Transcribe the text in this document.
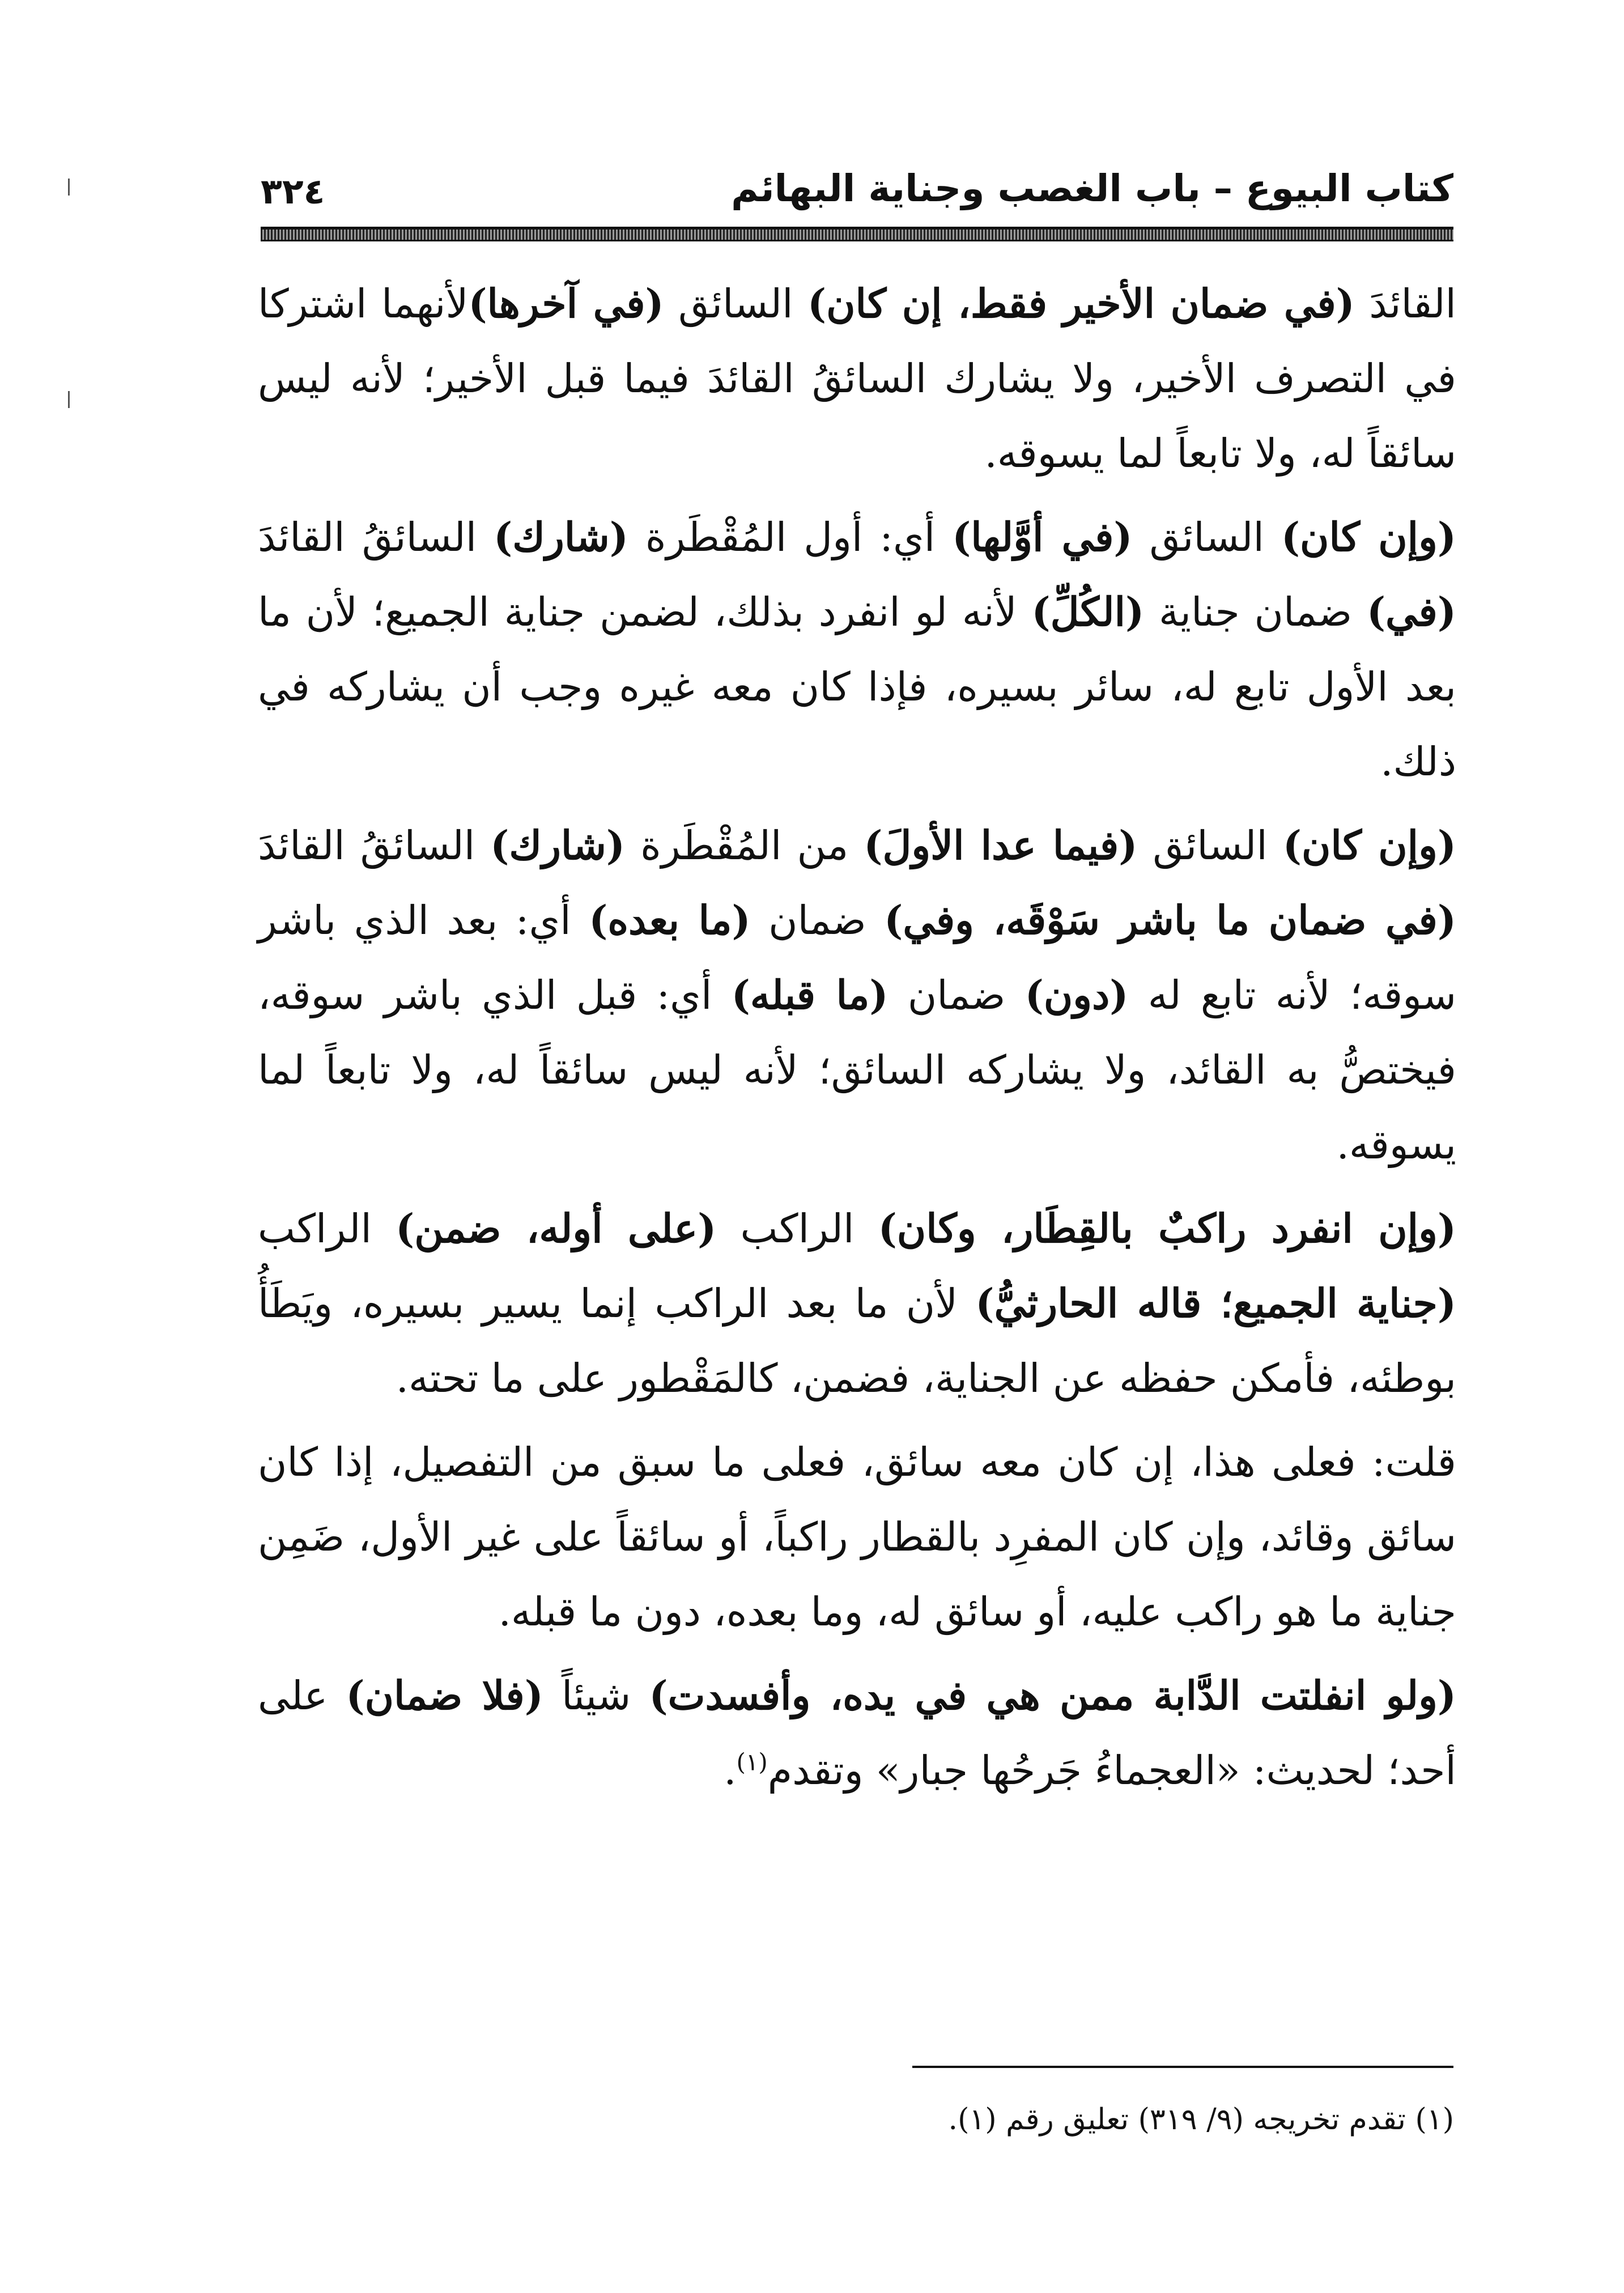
كتاب البيوع – باب الغصب وجناية البهائم
٣٢٤

القائدَ (في ضمان الأخير فقط، إن كان) السائق (في آخرها)لأنهما اشتركا في التصرف الأخير، ولا يشارك السائقُ القائدَ فيما قبل الأخير؛ لأنه ليس سائقاً له، ولا تابعاً لما يسوقه.

(وإن كان) السائق (في أوَّلها) أي: أول المُقْطَرة (شارك) السائقُ القائدَ (في) ضمان جناية (الكُلِّ) لأنه لو انفرد بذلك، لضمن جناية الجميع؛ لأن ما بعد الأول تابع له، سائر بسيره، فإذا كان معه غيره وجب أن يشاركه في ذلك.

(وإن كان) السائق (فيما عدا الأولَ) من المُقْطَرة (شارك) السائقُ القائدَ (في ضمان ما باشر سَوْقَه، وفي) ضمان (ما بعده) أي: بعد الذي باشر سوقه؛ لأنه تابع له (دون) ضمان (ما قبله) أي: قبل الذي باشر سوقه، فيختصُّ به القائد، ولا يشاركه السائق؛ لأنه ليس سائقاً له، ولا تابعاً لما يسوقه.

(وإن انفرد راكبٌ بالقِطَار، وكان) الراكب (على أوله، ضمن) الراكب (جناية الجميع؛ قاله الحارثيُّ) لأن ما بعد الراكب إنما يسير بسيره، ويَطَأُ بوطئه، فأمكن حفظه عن الجناية، فضمن، كالمَقْطور على ما تحته.

قلت: فعلى هذا، إن كان معه سائق، فعلى ما سبق من التفصيل، إذا كان سائق وقائد، وإن كان المفرِد بالقطار راكباً، أو سائقاً على غير الأول، ضَمِن جناية ما هو راكب عليه، أو سائق له، وما بعده، دون ما قبله.

(ولو انفلتت الدَّابة ممن هي في يده، وأفسدت) شيئاً (فلا ضمان) على أحد؛ لحديث: «العجماءُ جَرحُها جبار» وتقدم$^{(١)}$.

(١) تقدم تخريجه (٩/ ٣١٩) تعليق رقم (١).
